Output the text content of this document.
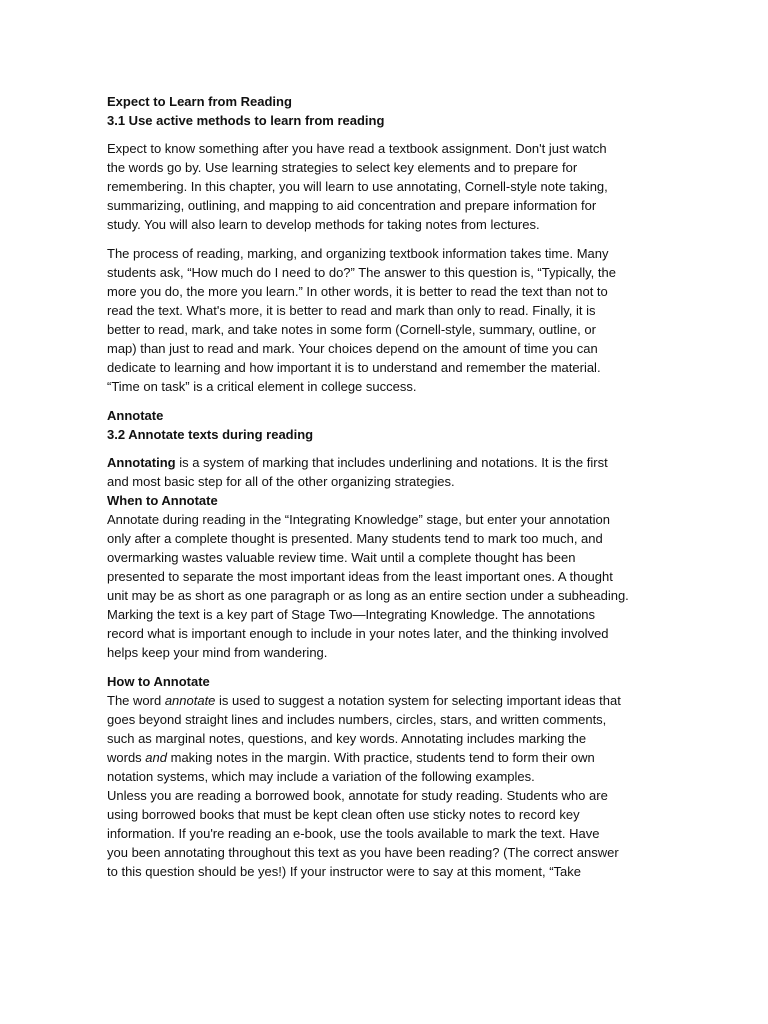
Expect to Learn from Reading
3.1 Use active methods to learn from reading
Expect to know something after you have read a textbook assignment. Don't just watch
the words go by. Use learning strategies to select key elements and to prepare for
remembering. In this chapter, you will learn to use annotating, Cornell-style note taking,
summarizing, outlining, and mapping to aid concentration and prepare information for
study. You will also learn to develop methods for taking notes from lectures.
The process of reading, marking, and organizing textbook information takes time. Many
students ask, “How much do I need to do?” The answer to this question is, “Typically, the
more you do, the more you learn.” In other words, it is better to read the text than not to
read the text. What's more, it is better to read and mark than only to read. Finally, it is
better to read, mark, and take notes in some form (Cornell-style, summary, outline, or
map) than just to read and mark. Your choices depend on the amount of time you can
dedicate to learning and how important it is to understand and remember the material.
“Time on task” is a critical element in college success.
Annotate
3.2 Annotate texts during reading
Annotating is a system of marking that includes underlining and notations. It is the first
and most basic step for all of the other organizing strategies.
When to Annotate
Annotate during reading in the “Integrating Knowledge” stage, but enter your annotation
only after a complete thought is presented. Many students tend to mark too much, and
overmarking wastes valuable review time. Wait until a complete thought has been
presented to separate the most important ideas from the least important ones. A thought
unit may be as short as one paragraph or as long as an entire section under a subheading.
Marking the text is a key part of Stage Two—Integrating Knowledge. The annotations
record what is important enough to include in your notes later, and the thinking involved
helps keep your mind from wandering.
How to Annotate
The word annotate is used to suggest a notation system for selecting important ideas that
goes beyond straight lines and includes numbers, circles, stars, and written comments,
such as marginal notes, questions, and key words. Annotating includes marking the
words and making notes in the margin. With practice, students tend to form their own
notation systems, which may include a variation of the following examples.
Unless you are reading a borrowed book, annotate for study reading. Students who are
using borrowed books that must be kept clean often use sticky notes to record key
information. If you're reading an e-book, use the tools available to mark the text. Have
you been annotating throughout this text as you have been reading? (The correct answer
to this question should be yes!) If your instructor were to say at this moment, “Take
